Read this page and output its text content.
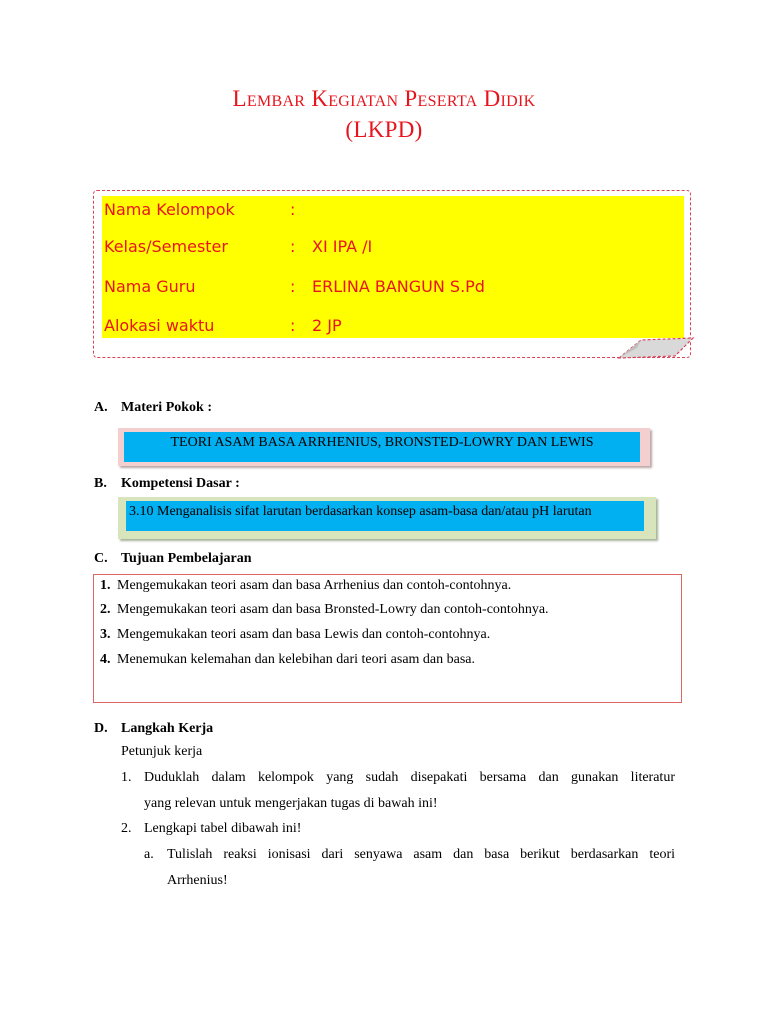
Lembar Kegiatan Peserta Didik
(LKPD)
Nama Kelompok	:
Kelas/Semester	: XI IPA /I
Nama Guru	: ERLINA BANGUN S.Pd
Alokasi waktu	: 2 JP
A. Materi Pokok :
TEORI ASAM BASA ARRHENIUS, BRONSTED-LOWRY DAN LEWIS
B. Kompetensi Dasar :
3.10 Menganalisis sifat larutan berdasarkan konsep asam-basa dan/atau pH larutan
C. Tujuan Pembelajaran
1. Mengemukakan teori asam dan basa Arrhenius dan contoh-contohnya.
2. Mengemukakan teori asam dan basa Bronsted-Lowry dan contoh-contohnya.
3. Mengemukakan teori asam dan basa Lewis dan contoh-contohnya.
4. Menemukan kelemahan dan kelebihan dari teori asam dan basa.
D. Langkah Kerja
Petunjuk kerja
1. Duduklah dalam kelompok yang sudah disepakati bersama dan gunakan literatur
yang relevan untuk mengerjakan tugas di bawah ini!
2. Lengkapi tabel dibawah ini!
a. Tulislah reaksi ionisasi dari senyawa asam dan basa berikut berdasarkan teori
Arrhenius!
